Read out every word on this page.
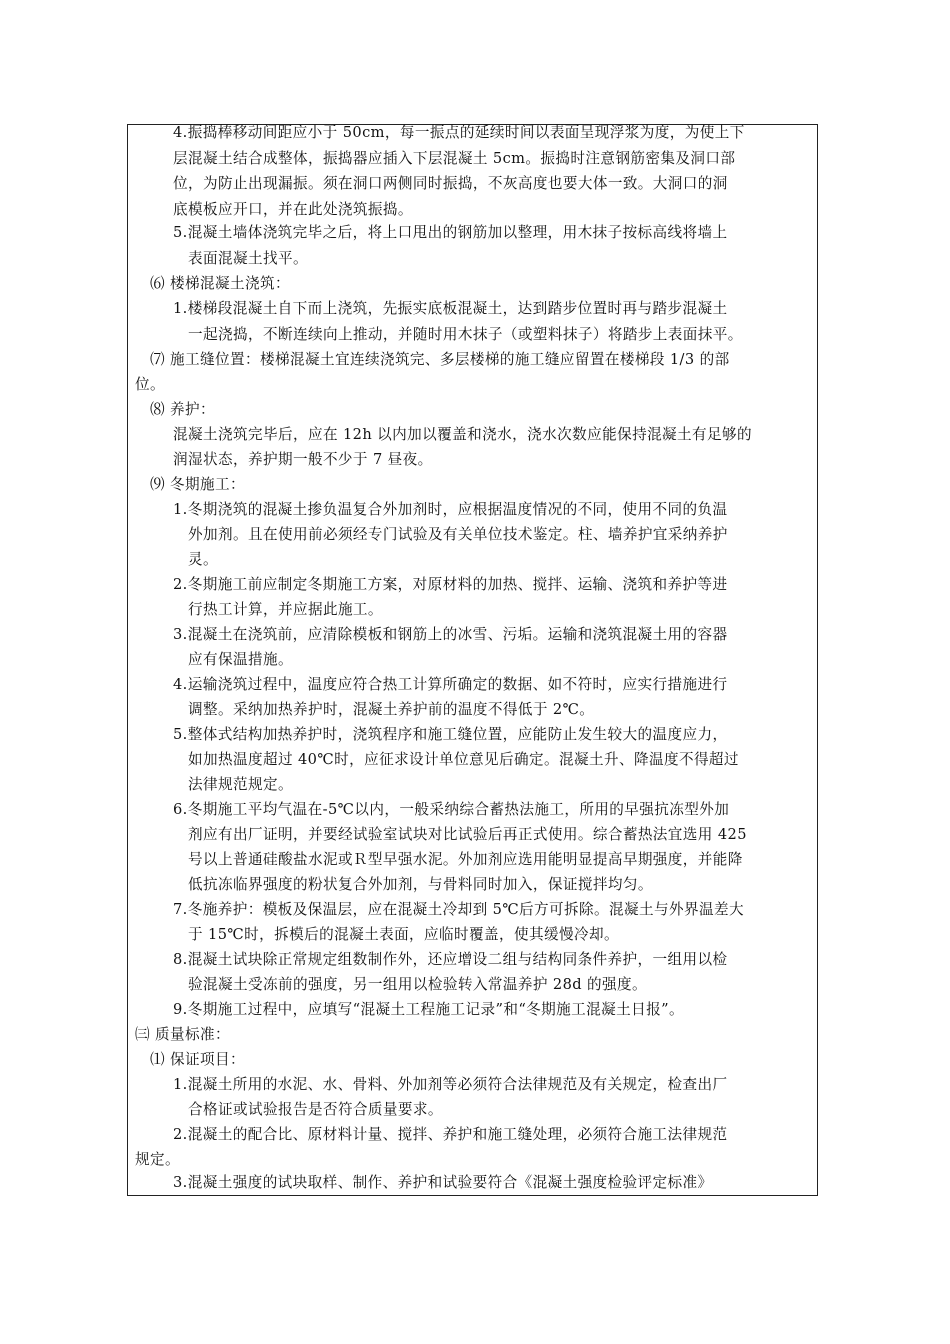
4.振捣棒移动间距应小于 50cm，每一振点的延续时间以表面呈现浮浆为度，为使上下
层混凝土结合成整体，振捣器应插入下层混凝土 5cm。振捣时注意钢筋密集及洞口部
位，为防止出现漏振。须在洞口两侧同时振捣，不灰高度也要大体一致。大洞口的洞
底模板应开口，并在此处浇筑振捣。
5.混凝土墙体浇筑完毕之后，将上口甩出的钢筋加以整理，用木抹子按标高线将墙上
表面混凝土找平。
⑹ 楼梯混凝土浇筑：
1.楼梯段混凝土自下而上浇筑，先振实底板混凝土，达到踏步位置时再与踏步混凝土
一起浇捣，不断连续向上推动，并随时用木抹子（或塑料抹子）将踏步上表面抹平。
⑺ 施工缝位置：楼梯混凝土宜连续浇筑完、多层楼梯的施工缝应留置在楼梯段 1/3 的部
位。
⑻ 养护：
混凝土浇筑完毕后，应在 12h 以内加以覆盖和浇水，浇水次数应能保持混凝土有足够的
润湿状态，养护期一般不少于 7 昼夜。
⑼ 冬期施工：
1.冬期浇筑的混凝土掺负温复合外加剂时，应根据温度情况的不同，使用不同的负温
外加剂。且在使用前必须经专门试验及有关单位技术鉴定。柱、墙养护宜采纳养护
灵。
2.冬期施工前应制定冬期施工方案，对原材料的加热、搅拌、运输、浇筑和养护等进
行热工计算，并应据此施工。
3.混凝土在浇筑前，应清除模板和钢筋上的冰雪、污垢。运输和浇筑混凝土用的容器
应有保温措施。
4.运输浇筑过程中，温度应符合热工计算所确定的数据、如不符时，应实行措施进行
调整。采纳加热养护时，混凝土养护前的温度不得低于 2℃。
5.整体式结构加热养护时，浇筑程序和施工缝位置，应能防止发生较大的温度应力，
如加热温度超过 40℃时，应征求设计单位意见后确定。混凝土升、降温度不得超过
法律规范规定。
6.冬期施工平均气温在-5℃以内，一般采纳综合蓄热法施工，所用的早强抗冻型外加
剂应有出厂证明，并要经试验室试块对比试验后再正式使用。综合蓄热法宜选用 425
号以上普通硅酸盐水泥或Ｒ型早强水泥。外加剂应选用能明显提高早期强度，并能降
低抗冻临界强度的粉状复合外加剂，与骨料同时加入，保证搅拌均匀。
7.冬施养护：模板及保温层，应在混凝土冷却到 5℃后方可拆除。混凝土与外界温差大
于 15℃时，拆模后的混凝土表面，应临时覆盖，使其缓慢冷却。
8.混凝土试块除正常规定组数制作外，还应增设二组与结构同条件养护，一组用以检
验混凝土受冻前的强度，另一组用以检验转入常温养护 28d 的强度。
9.冬期施工过程中，应填写“混凝土工程施工记录”和“冬期施工混凝土日报”。
㈢ 质量标准：
⑴ 保证项目：
1.混凝土所用的水泥、水、骨料、外加剂等必须符合法律规范及有关规定，检查出厂
合格证或试验报告是否符合质量要求。
2.混凝土的配合比、原材料计量、搅拌、养护和施工缝处理，必须符合施工法律规范
规定。
3.混凝土强度的试块取样、制作、养护和试验要符合《混凝土强度检验评定标准》
